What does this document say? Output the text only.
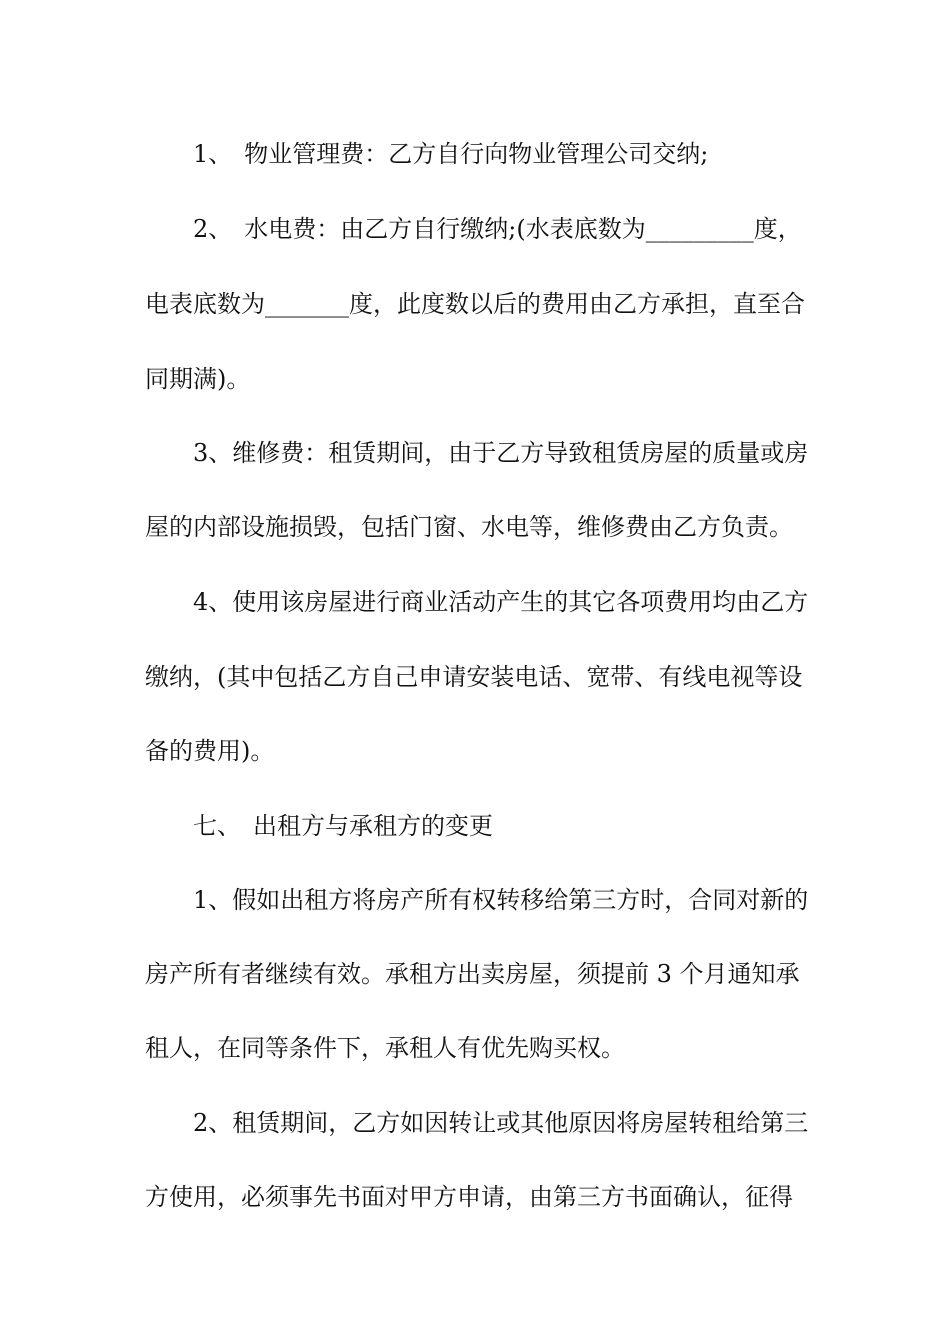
1、　物业管理费：乙方自行向物业管理公司交纳;
2、　水电费：由乙方自行缴纳;(水表底数为_________度，
电表底数为_______度，此度数以后的费用由乙方承担，直至合
同期满)。
3、维修费：租赁期间，由于乙方导致租赁房屋的质量或房
屋的内部设施损毁，包括门窗、水电等，维修费由乙方负责。
4、使用该房屋进行商业活动产生的其它各项费用均由乙方
缴纳，(其中包括乙方自己申请安装电话、宽带、有线电视等设
备的费用)。
七、　出租方与承租方的变更
1、假如出租方将房产所有权转移给第三方时，合同对新的
房产所有者继续有效。承租方出卖房屋，须提前 3 个月通知承
租人，在同等条件下，承租人有优先购买权。
2、租赁期间，乙方如因转让或其他原因将房屋转租给第三
方使用，必须事先书面对甲方申请，由第三方书面确认，征得
